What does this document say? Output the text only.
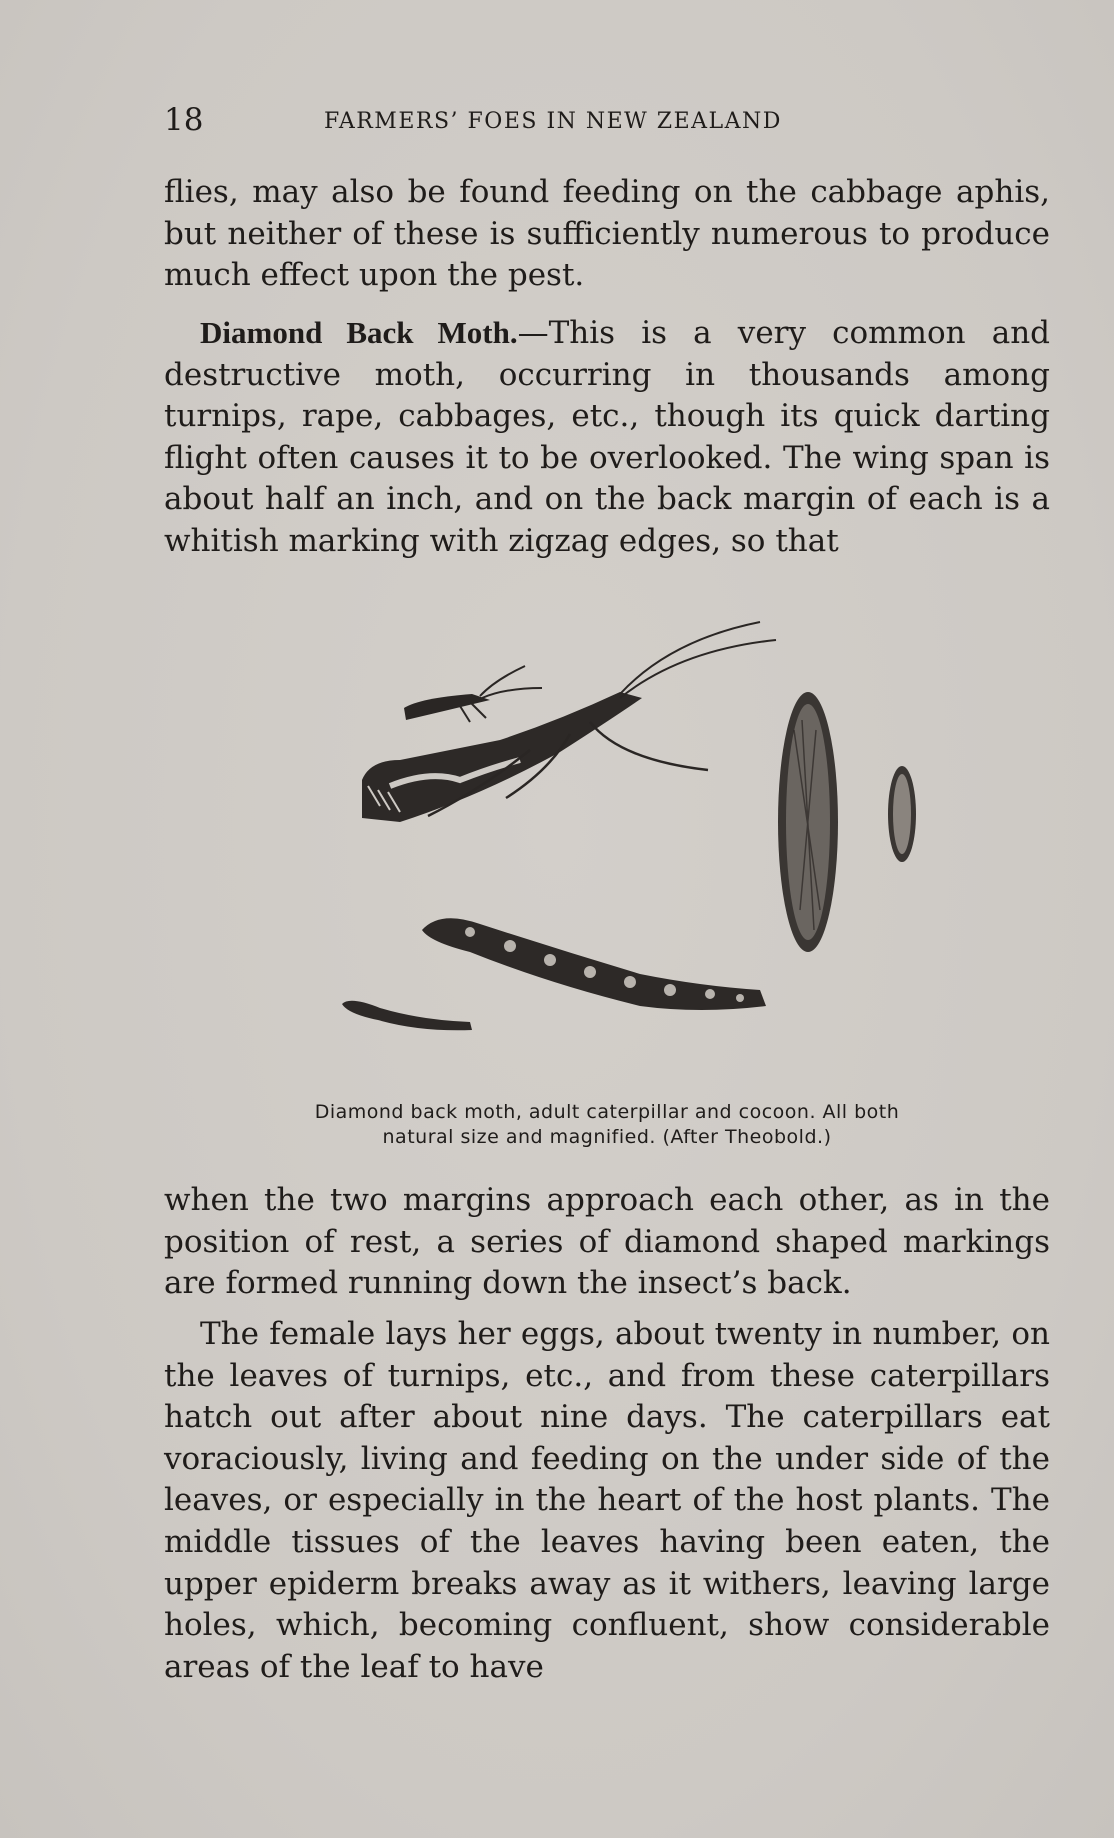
18	FARMERS’ FOES IN NEW ZEALAND

flies, may also be found feeding on the cabbage aphis, but neither of these is sufficiently numerous to produce much effect upon the pest.

Diamond Back Moth.—This is a very common and destructive moth, occurring in thousands among turnips, rape, cabbages, etc., though its quick darting flight often causes it to be overlooked. The wing span is about half an inch, and on the back margin of each is a whitish marking with zigzag edges, so that

Diamond back moth, adult caterpillar and cocoon. All both

natural size and magnified. (After Theobold.)

when the two margins approach each other, as in the position of rest, a series of diamond shaped markings are formed running down the insect’s back.

The female lays her eggs, about twenty in number, on the leaves of turnips, etc., and from these caterpillars hatch out after about nine days. The caterpillars eat voraciously, living and feeding on the under side of the leaves, or especially in the heart of the host plants. The middle tissues of the leaves having been eaten, the upper epiderm breaks away as it withers, leaving large holes, which, becoming confluent, show considerable areas of the leaf to have
